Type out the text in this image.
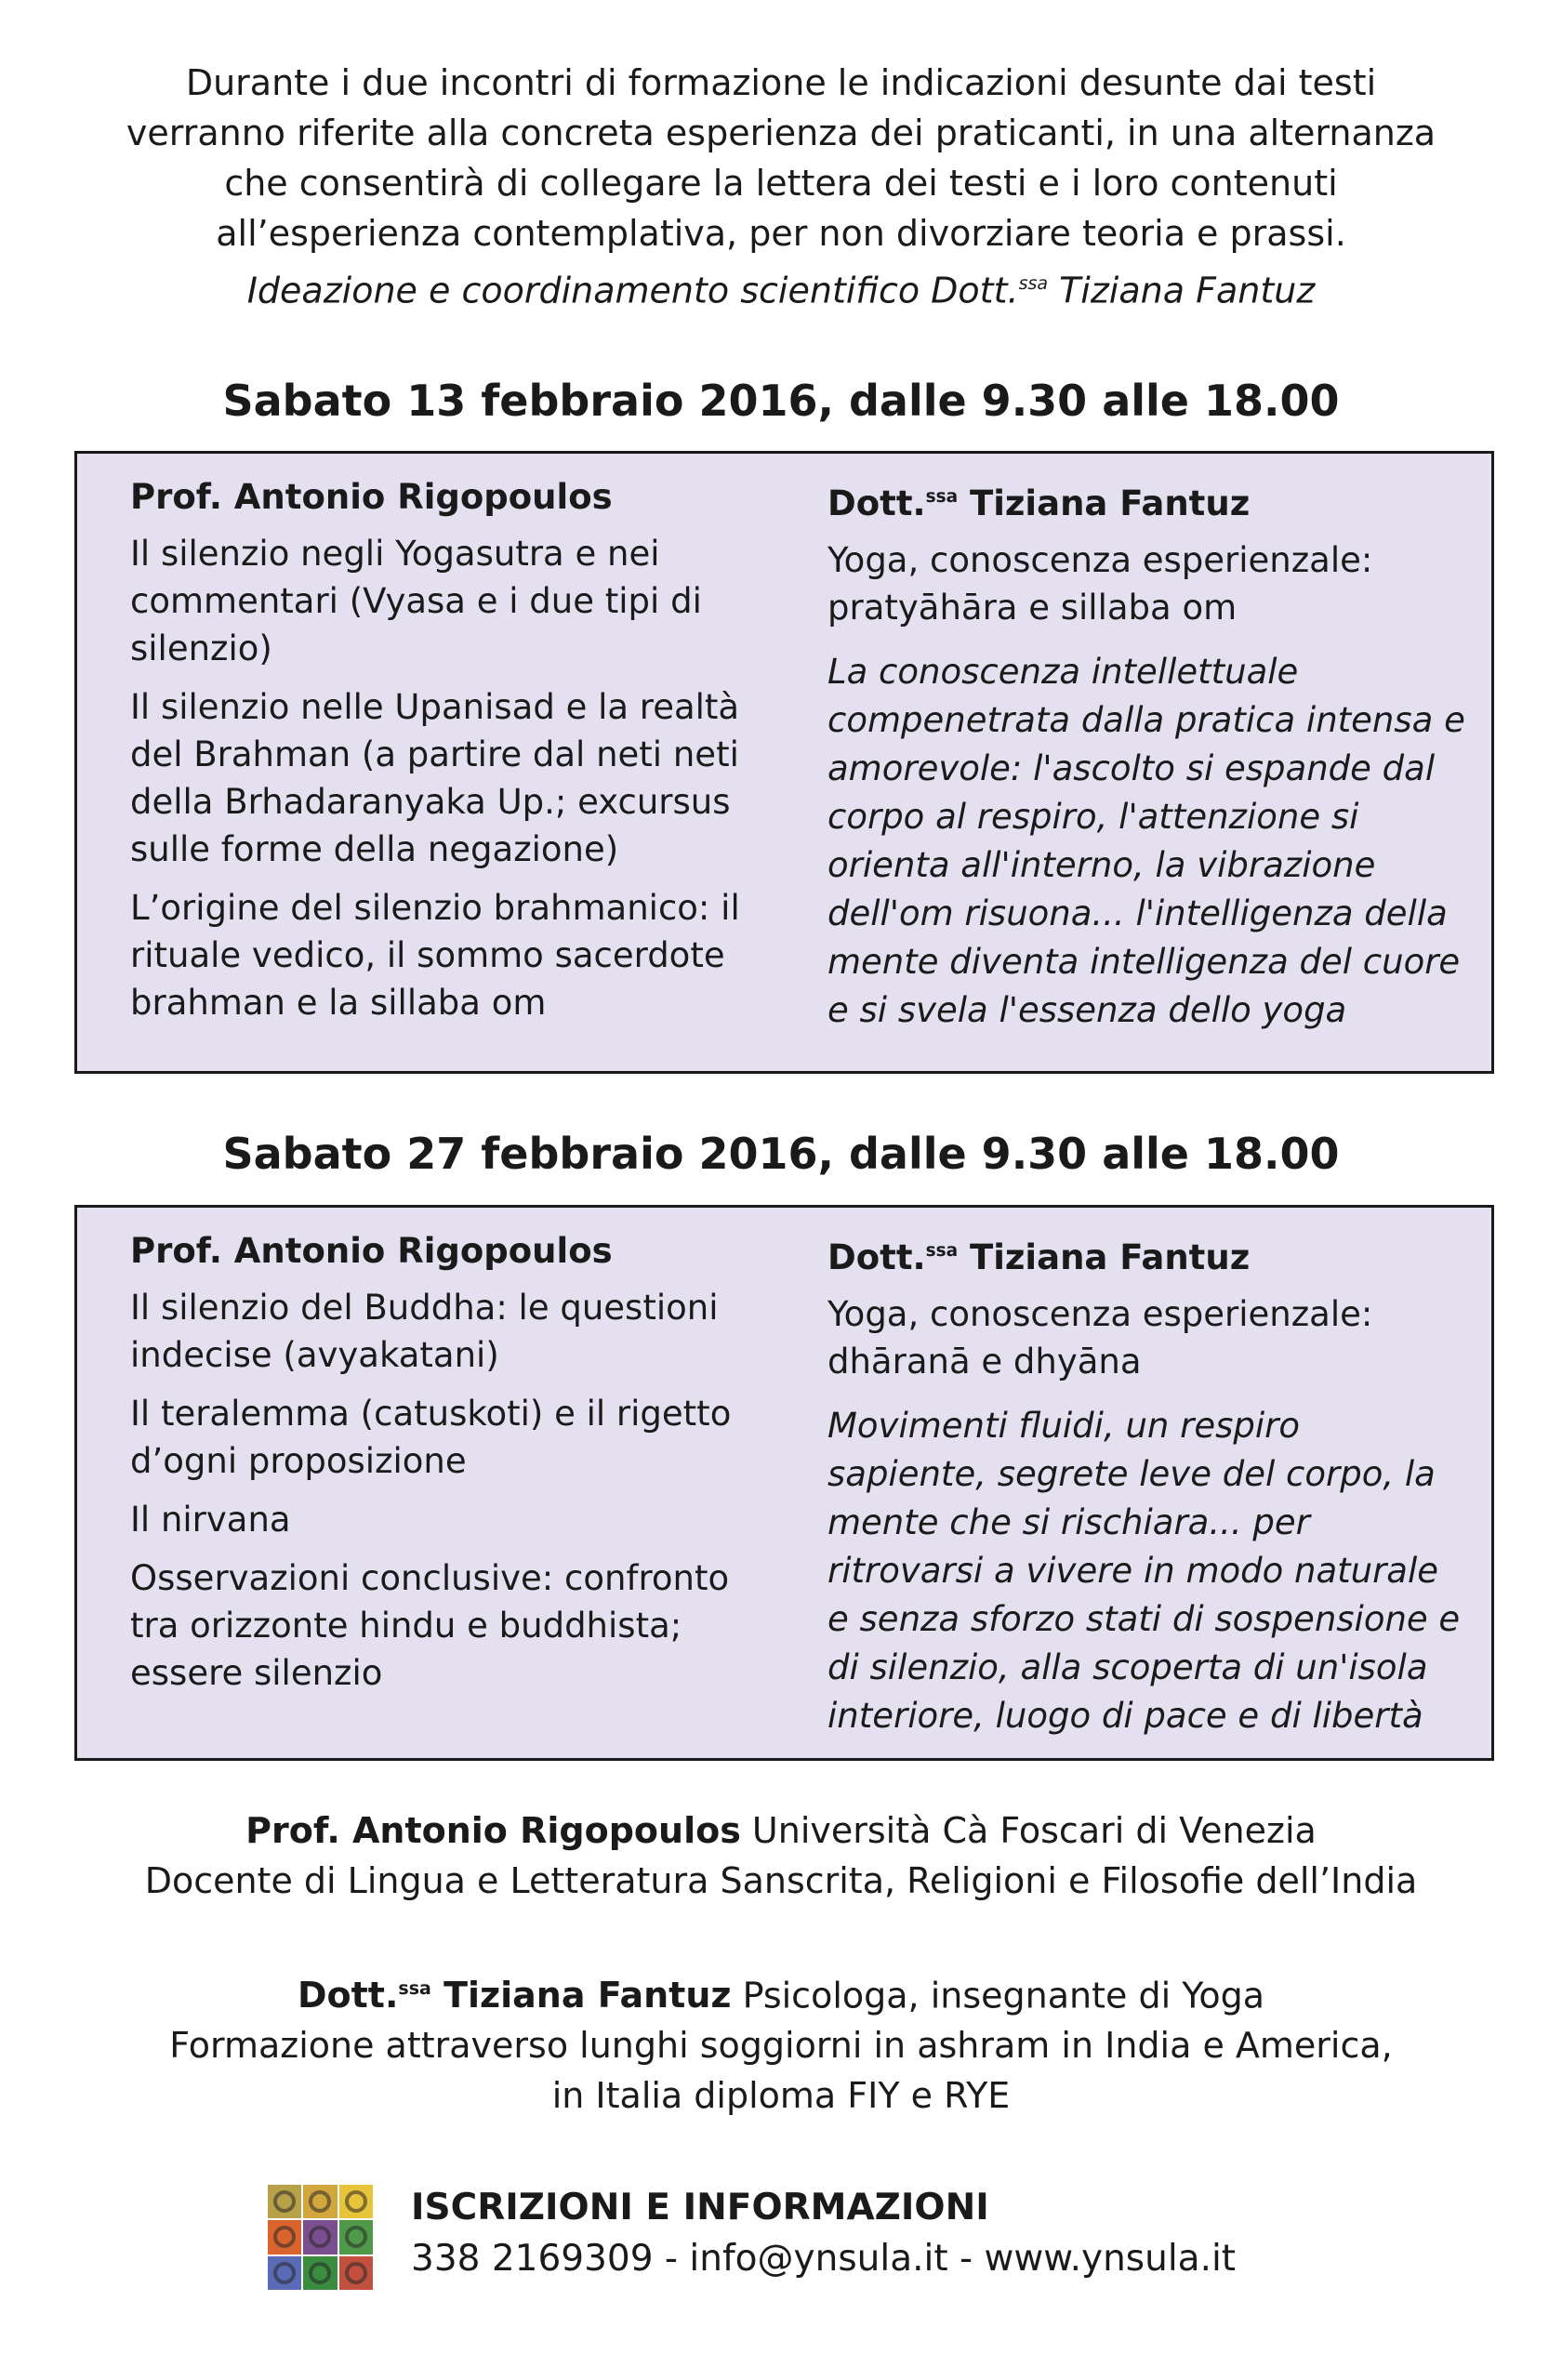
Durante i due incontri di formazione le indicazioni desunte dai testi

verranno riferite alla concreta esperienza dei praticanti, in una alternanza

che consentirà di collegare la lettera dei testi e i loro contenuti

all’esperienza contemplativa, per non divorziare teoria e prassi.

Ideazione e coordinamento scientifico Dott.$^{ssa}$ Tiziana Fantuz

Sabato 13 febbraio 2016, dalle 9.30 alle 18.00
Prof. Antonio Rigopoulos

Il silenzio negli Yogasutra e nei commentari (Vyasa e i due tipi di silenzio)

Il silenzio nelle Upanisad e la realtà del Brahman (a partire dal neti neti della Brhadaranyaka Up.; excursus sulle forme della negazione)

L’origine del silenzio brahmanico: il rituale vedico, il sommo sacerdote brahman e la sillaba om

Dott.$^{ssa}$ Tiziana Fantuz

Yoga, conoscenza esperienzale: pratyāhāra e sillaba om

La conoscenza intellettuale compenetrata dalla pratica intensa e amorevole: l'ascolto si espande dal corpo al respiro, l'attenzione si orienta all'interno, la vibrazione dell'om risuona... l'intelligenza della mente diventa intelligenza del cuore e si svela l'essenza dello yoga

Sabato 27 febbraio 2016, dalle 9.30 alle 18.00
Prof. Antonio Rigopoulos

Il silenzio del Buddha: le questioni indecise (avyakatani)

Il teralemma (catuskoti) e il rigetto d’ogni proposizione

Il nirvana

Osservazioni conclusive: confronto tra orizzonte hindu e buddhista; essere silenzio

Dott.$^{ssa}$ Tiziana Fantuz

Yoga, conoscenza esperienzale: dhāranā e dhyāna

Movimenti fluidi, un respiro sapiente, segrete leve del corpo, la mente che si rischiara... per ritrovarsi a vivere in modo naturale e senza sforzo stati di sospensione e di silenzio, alla scoperta di un'isola interiore, luogo di pace e di libertà

Prof. Antonio Rigopoulos Università Cà Foscari di Venezia

Docente di Lingua e Letteratura Sanscrita, Religioni e Filosofie dell’India

Dott.$^{ssa}$ Tiziana Fantuz Psicologa, insegnante di Yoga

Formazione attraverso lunghi soggiorni in ashram in India e America,

in Italia diploma FIY e RYE

ISCRIZIONI E INFORMAZIONI

338 2169309 - info@ynsula.it - www.ynsula.it
